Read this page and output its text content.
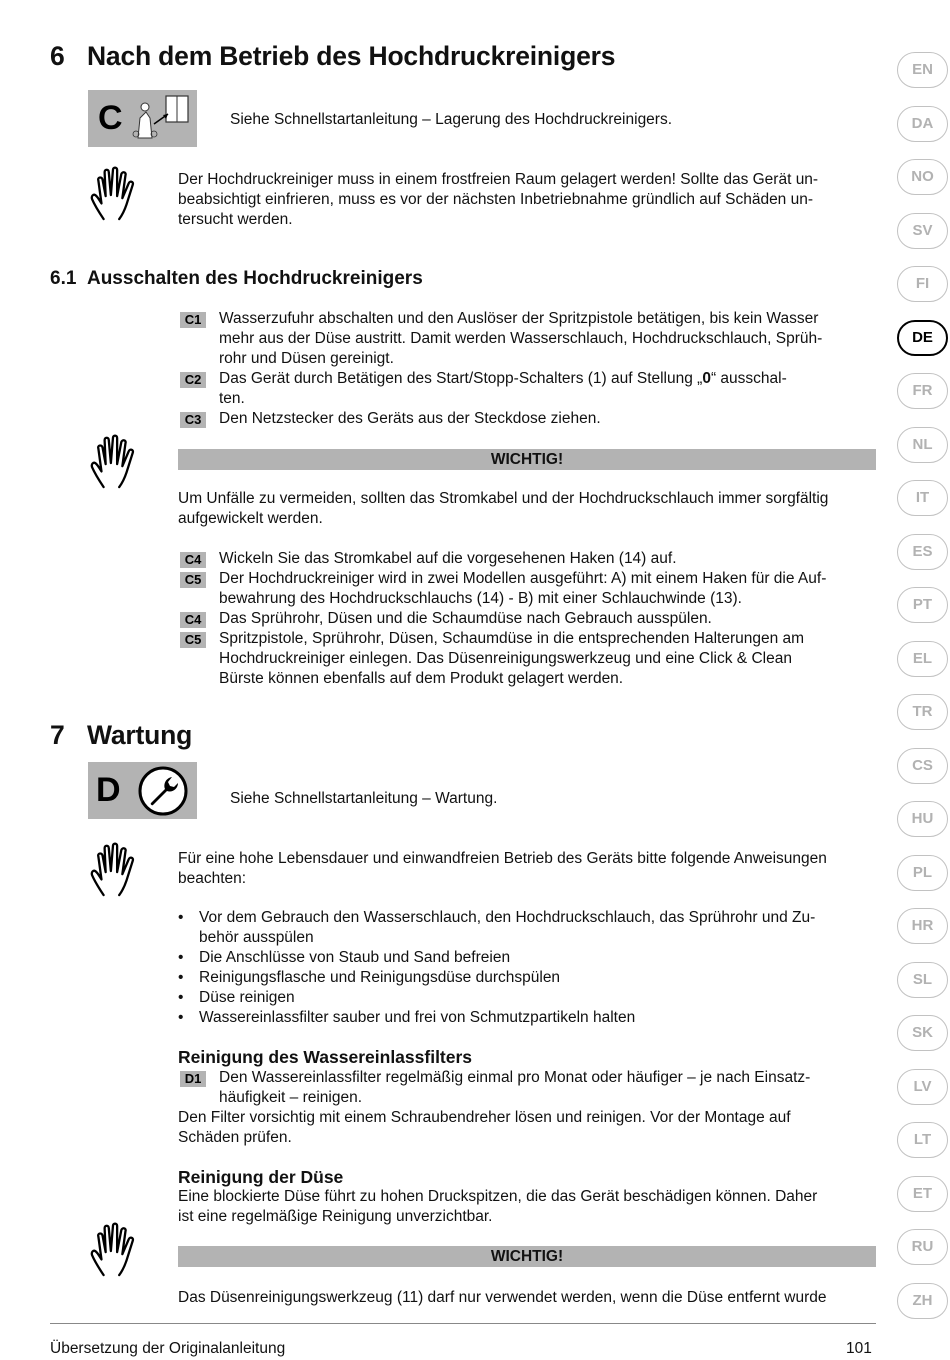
6 Nach dem Betrieb des Hochdruckreinigers
C	Siehe Schnellstartanleitung – Lagerung des Hochdruckreinigers.
Der Hochdruckreiniger muss in einem frostfreien Raum gelagert werden! Sollte das Gerät un-
beabsichtigt einfrieren, muss es vor der nächsten Inbetriebnahme gründlich auf Schäden un-
tersucht werden.
6.1 Ausschalten des Hochdruckreinigers
C1	Wasserzufuhr abschalten und den Auslöser der Spritzpistole betätigen, bis kein Wasser
mehr aus der Düse austritt. Damit werden Wasserschlauch, Hochdruckschlauch, Sprüh-
rohr und Düsen gereinigt.
C2	Das Gerät durch Betätigen des Start/Stopp-Schalters (1) auf Stellung „0“ ausschal-
ten.
C3	Den Netzstecker des Geräts aus der Steckdose ziehen.
WICHTIG!
Um Unfälle zu vermeiden, sollten das Stromkabel und der Hochdruckschlauch immer sorgfältig
aufgewickelt werden.
C4	Wickeln Sie das Stromkabel auf die vorgesehenen Haken (14) auf.
C5	Der Hochdruckreiniger wird in zwei Modellen ausgeführt: A) mit einem Haken für die Auf-
bewahrung des Hochdruckschlauchs (14) - B) mit einer Schlauchwinde (13).
C4	Das Sprührohr, Düsen und die Schaumdüse nach Gebrauch ausspülen.
C5	Spritzpistole, Sprührohr, Düsen, Schaumdüse in die entsprechenden Halterungen am
Hochdruckreiniger einlegen. Das Düsenreinigungswerkzeug und eine Click & Clean
Bürste können ebenfalls auf dem Produkt gelagert werden.
7 Wartung
D	Siehe Schnellstartanleitung – Wartung.
Für eine hohe Lebensdauer und einwandfreien Betrieb des Geräts bitte folgende Anweisungen
beachten:
• Vor dem Gebrauch den Wasserschlauch, den Hochdruckschlauch, das Sprührohr und Zu-
behör ausspülen
• Die Anschlüsse von Staub und Sand befreien
• Reinigungsflasche und Reinigungsdüse durchspülen
• Düse reinigen
• Wassereinlassfilter sauber und frei von Schmutzpartikeln halten
Reinigung des Wassereinlassfilters
D1	Den Wassereinlassfilter regelmäßig einmal pro Monat oder häufiger – je nach Einsatz-
häufigkeit – reinigen.
Den Filter vorsichtig mit einem Schraubendreher lösen und reinigen. Vor der Montage auf
Schäden prüfen.
Reinigung der Düse
Eine blockierte Düse führt zu hohen Druckspitzen, die das Gerät beschädigen können. Daher
ist eine regelmäßige Reinigung unverzichtbar.
WICHTIG!
Das Düsenreinigungswerkzeug (11) darf nur verwendet werden, wenn die Düse entfernt wurde
EN
DA
NO
SV
FI
DE
FR
NL
IT
ES
PT
EL
TR
CS
HU
PL
HR
SL
SK
LV
LT
ET
RU
ZH
Übersetzung der Originalanleitung	101
